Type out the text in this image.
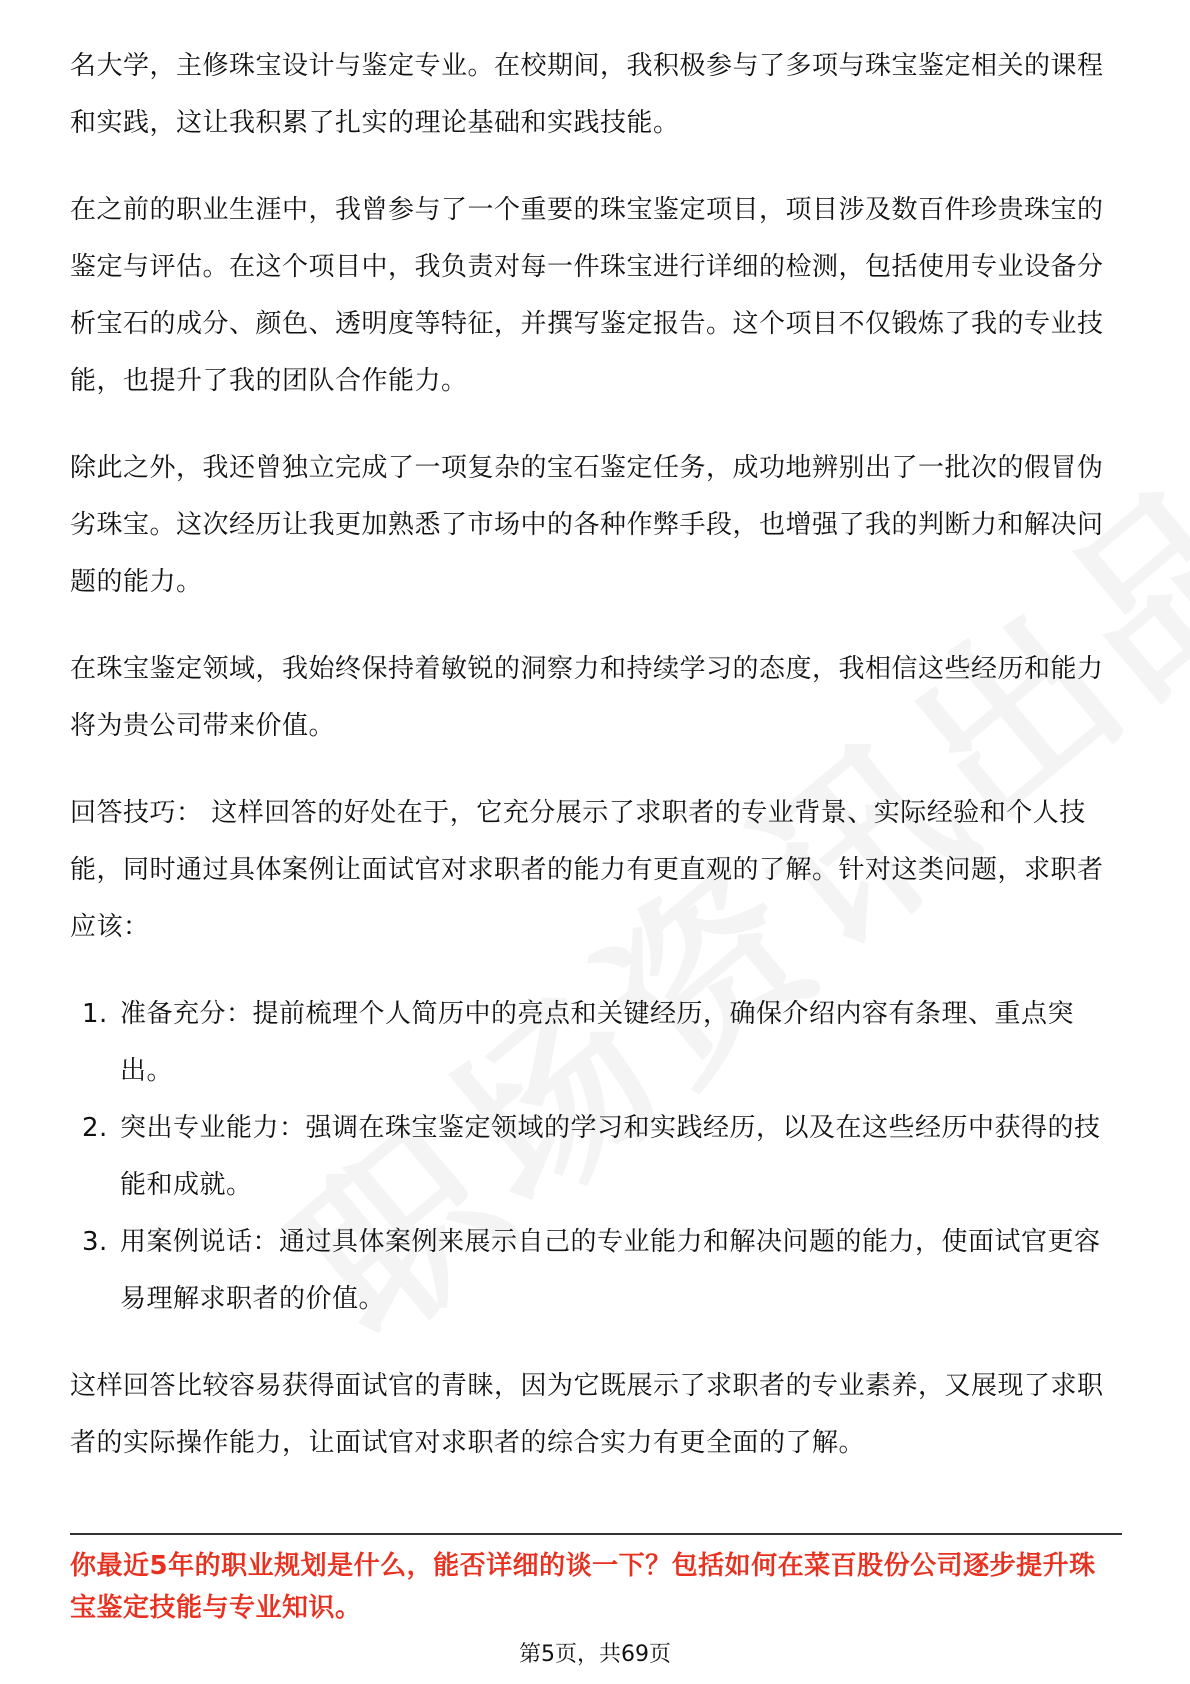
名大学，主修珠宝设计与鉴定专业。在校期间，我积极参与了多项与珠宝鉴定相关的课程和实践，这让我积累了扎实的理论基础和实践技能。

在之前的职业生涯中，我曾参与了一个重要的珠宝鉴定项目，项目涉及数百件珍贵珠宝的鉴定与评估。在这个项目中，我负责对每一件珠宝进行详细的检测，包括使用专业设备分析宝石的成分、颜色、透明度等特征，并撰写鉴定报告。这个项目不仅锻炼了我的专业技能，也提升了我的团队合作能力。

除此之外，我还曾独立完成了一项复杂的宝石鉴定任务，成功地辨别出了一批次的假冒伪劣珠宝。这次经历让我更加熟悉了市场中的各种作弊手段，也增强了我的判断力和解决问题的能力。

在珠宝鉴定领域，我始终保持着敏锐的洞察力和持续学习的态度，我相信这些经历和能力将为贵公司带来价值。

回答技巧： 这样回答的好处在于，它充分展示了求职者的专业背景、实际经验和个人技能，同时通过具体案例让面试官对求职者的能力有更直观的了解。针对这类问题，求职者应该：

1. 准备充分：提前梳理个人简历中的亮点和关键经历，确保介绍内容有条理、重点突出。
2. 突出专业能力：强调在珠宝鉴定领域的学习和实践经历，以及在这些经历中获得的技能和成就。
3. 用案例说话：通过具体案例来展示自己的专业能力和解决问题的能力，使面试官更容易理解求职者的价值。

这样回答比较容易获得面试官的青睐，因为它既展示了求职者的专业素养，又展现了求职者的实际操作能力，让面试官对求职者的综合实力有更全面的了解。

你最近5年的职业规划是什么，能否详细的谈一下？包括如何在菜百股份公司逐步提升珠宝鉴定技能与专业知识。
第5页，共69页
